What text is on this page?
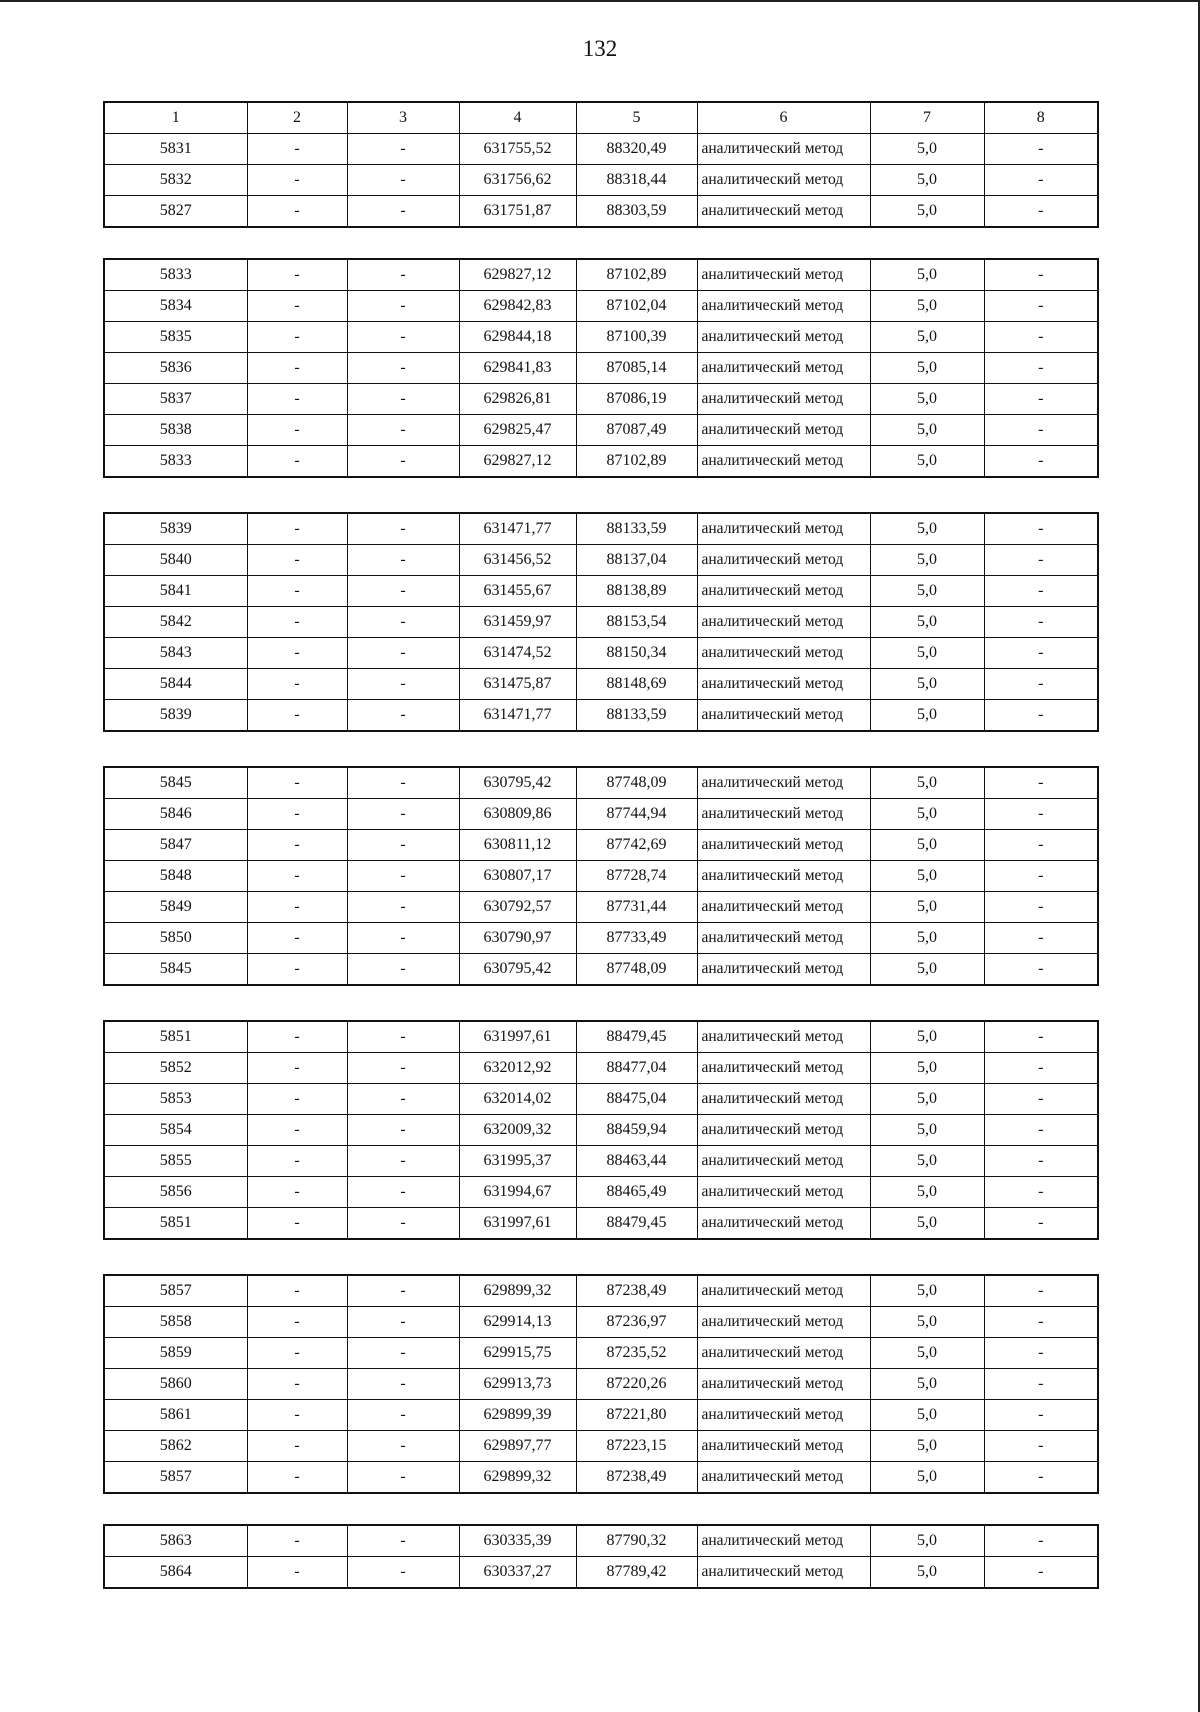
132
1	2	3	4	5	6	7	8
5831	-	-	631755,52	88320,49	аналитический метод	5,0	-
5832	-	-	631756,62	88318,44	аналитический метод	5,0	-
5827	-	-	631751,87	88303,59	аналитический метод	5,0	-
5833	-	-	629827,12	87102,89	аналитический метод	5,0	-
5834	-	-	629842,83	87102,04	аналитический метод	5,0	-
5835	-	-	629844,18	87100,39	аналитический метод	5,0	-
5836	-	-	629841,83	87085,14	аналитический метод	5,0	-
5837	-	-	629826,81	87086,19	аналитический метод	5,0	-
5838	-	-	629825,47	87087,49	аналитический метод	5,0	-
5833	-	-	629827,12	87102,89	аналитический метод	5,0	-
5839	-	-	631471,77	88133,59	аналитический метод	5,0	-
5840	-	-	631456,52	88137,04	аналитический метод	5,0	-
5841	-	-	631455,67	88138,89	аналитический метод	5,0	-
5842	-	-	631459,97	88153,54	аналитический метод	5,0	-
5843	-	-	631474,52	88150,34	аналитический метод	5,0	-
5844	-	-	631475,87	88148,69	аналитический метод	5,0	-
5839	-	-	631471,77	88133,59	аналитический метод	5,0	-
5845	-	-	630795,42	87748,09	аналитический метод	5,0	-
5846	-	-	630809,86	87744,94	аналитический метод	5,0	-
5847	-	-	630811,12	87742,69	аналитический метод	5,0	-
5848	-	-	630807,17	87728,74	аналитический метод	5,0	-
5849	-	-	630792,57	87731,44	аналитический метод	5,0	-
5850	-	-	630790,97	87733,49	аналитический метод	5,0	-
5845	-	-	630795,42	87748,09	аналитический метод	5,0	-
5851	-	-	631997,61	88479,45	аналитический метод	5,0	-
5852	-	-	632012,92	88477,04	аналитический метод	5,0	-
5853	-	-	632014,02	88475,04	аналитический метод	5,0	-
5854	-	-	632009,32	88459,94	аналитический метод	5,0	-
5855	-	-	631995,37	88463,44	аналитический метод	5,0	-
5856	-	-	631994,67	88465,49	аналитический метод	5,0	-
5851	-	-	631997,61	88479,45	аналитический метод	5,0	-
5857	-	-	629899,32	87238,49	аналитический метод	5,0	-
5858	-	-	629914,13	87236,97	аналитический метод	5,0	-
5859	-	-	629915,75	87235,52	аналитический метод	5,0	-
5860	-	-	629913,73	87220,26	аналитический метод	5,0	-
5861	-	-	629899,39	87221,80	аналитический метод	5,0	-
5862	-	-	629897,77	87223,15	аналитический метод	5,0	-
5857	-	-	629899,32	87238,49	аналитический метод	5,0	-
5863	-	-	630335,39	87790,32	аналитический метод	5,0	-
5864	-	-	630337,27	87789,42	аналитический метод	5,0	-
